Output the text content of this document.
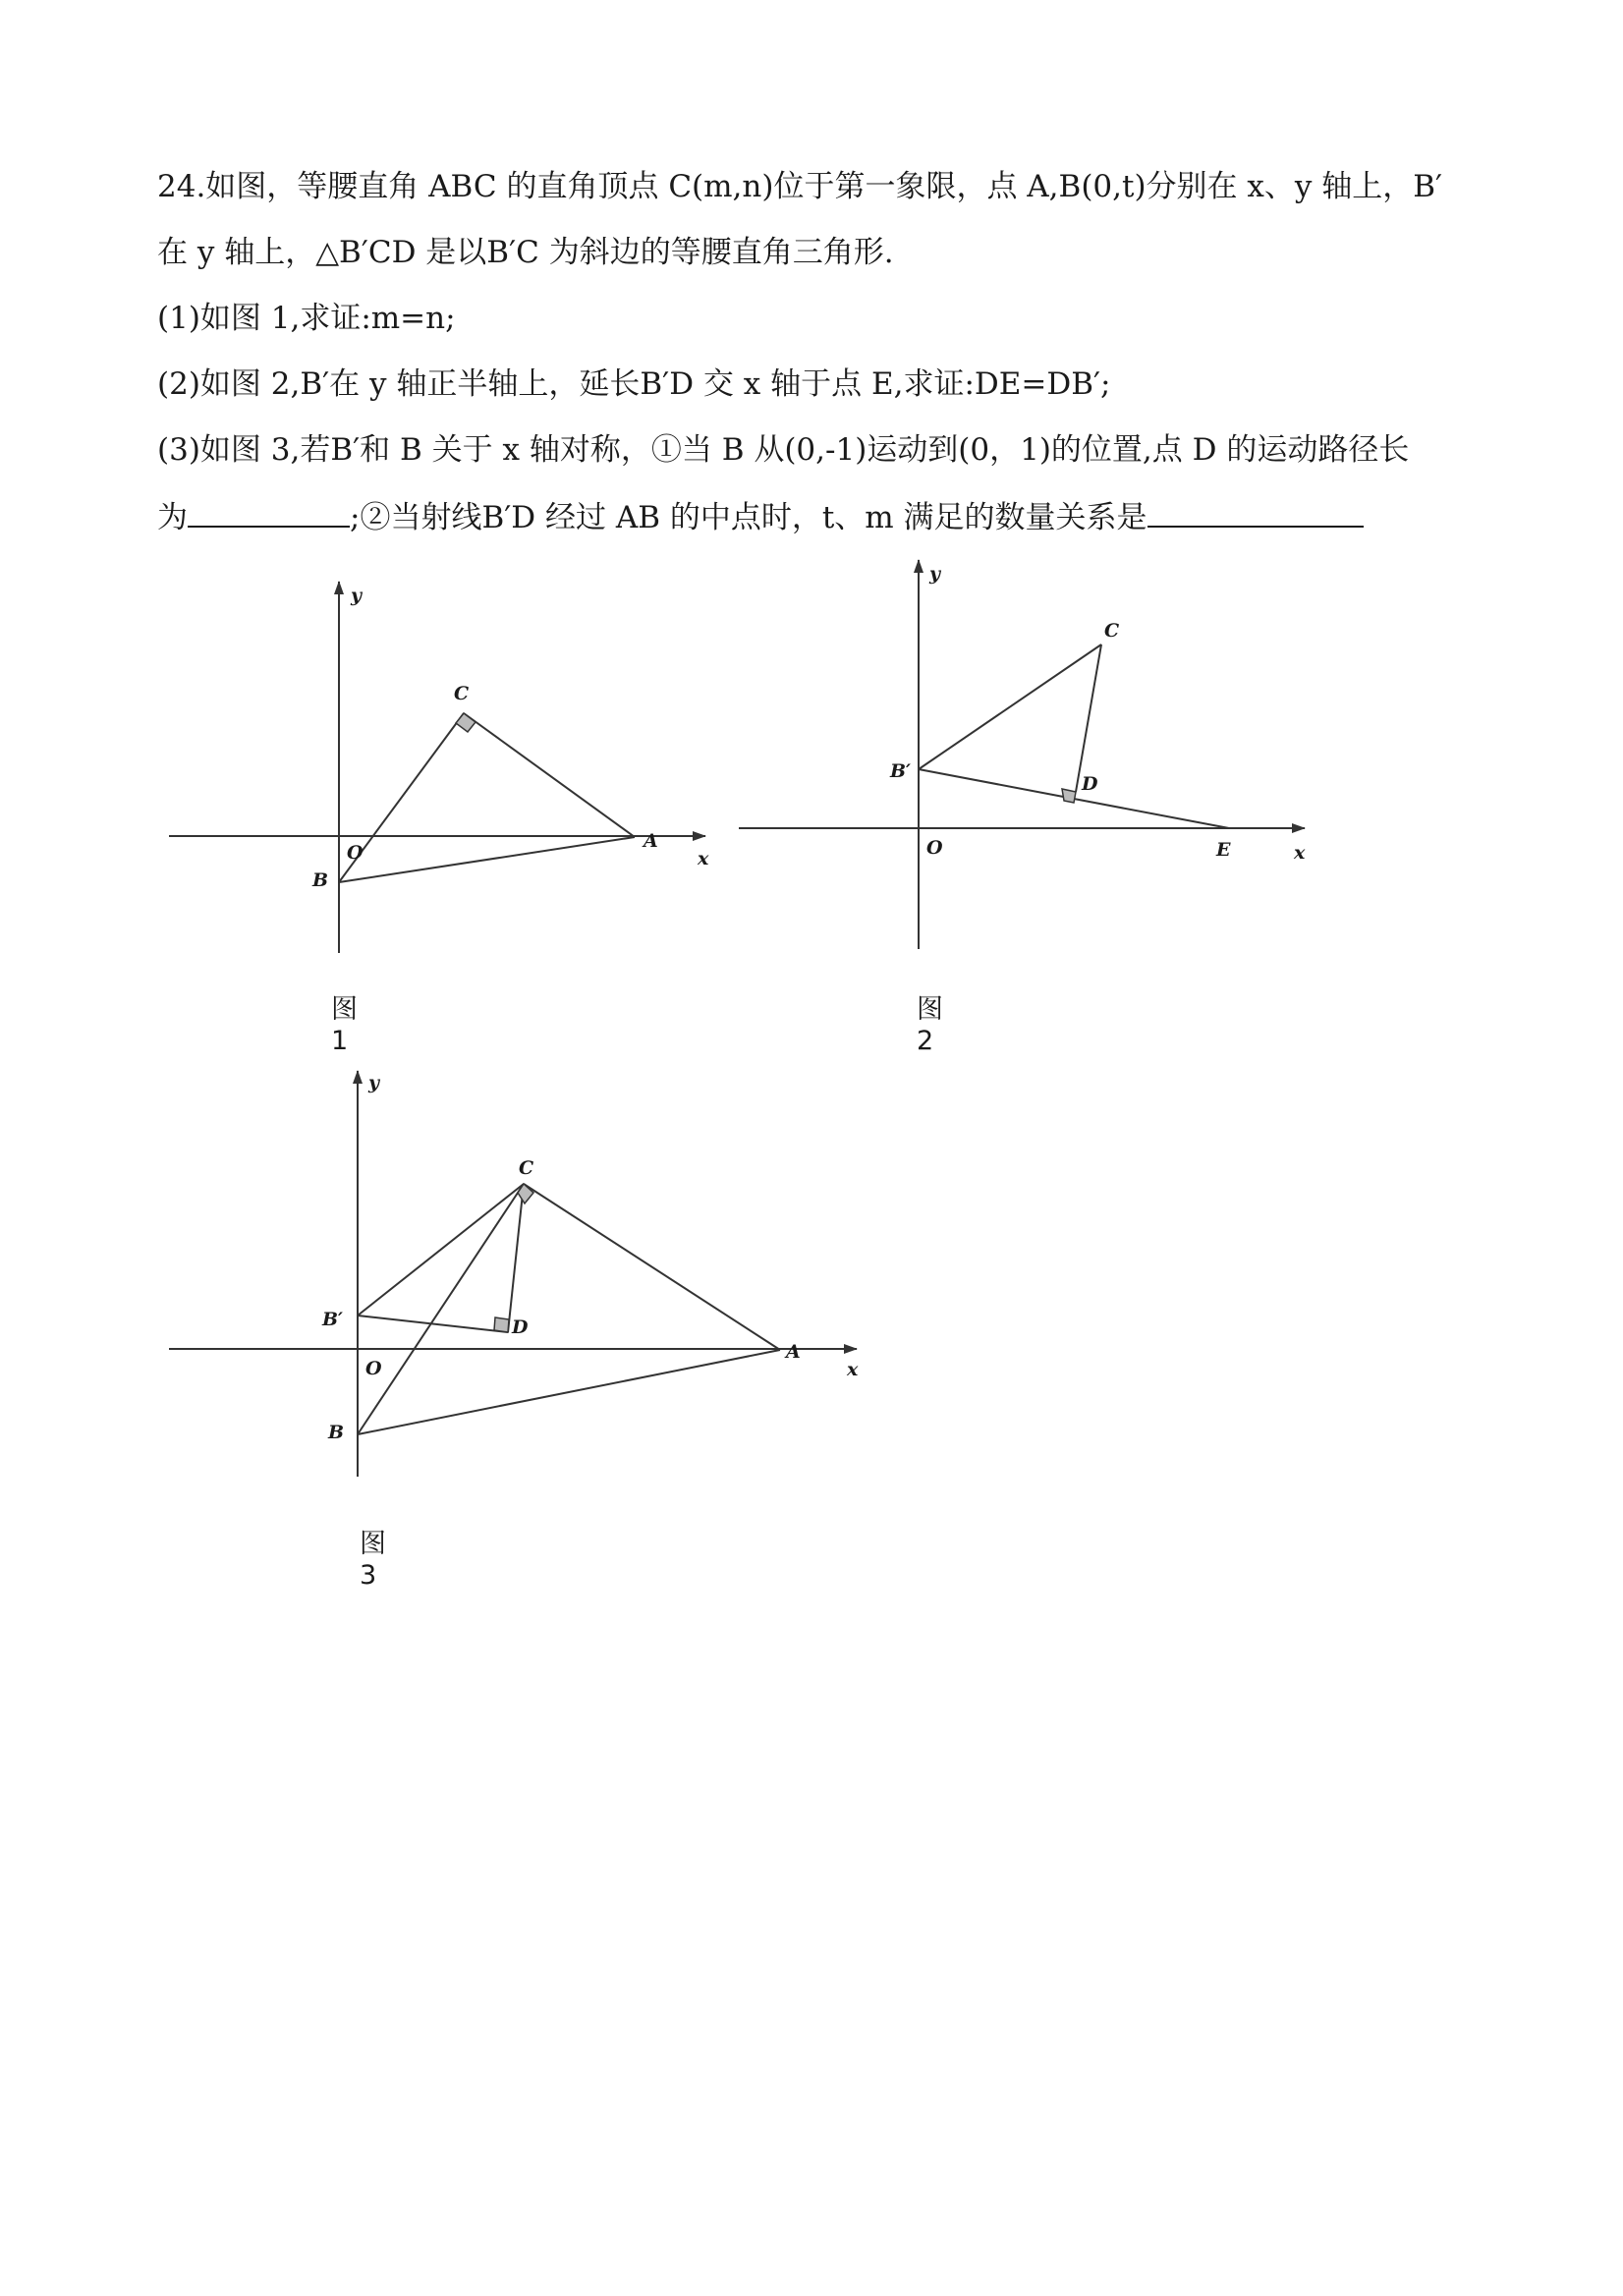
24.如图，等腰直角 ABC 的直角顶点 C(m,n)位于第一象限，点 A,B(0,t)分别在 x、y 轴上，B′
在 y 轴上，△B′CD 是以B′C 为斜边的等腰直角三角形.
(1)如图 1,求证:m=n;
(2)如图 2,B′在 y 轴正半轴上，延长B′D 交 x 轴于点 E,求证:DE=DB′;
(3)如图 3,若B′和 B 关于 x 轴对称，①当 B 从(0,-1)运动到(0，1)的位置,点 D 的运动路径长
为	;②当射线B′D 经过 AB 的中点时，t、m 满足的数量关系是
y
C
O
A
x
B
图 1
y
C
B′
D
O	E	x
图 2
y
C
B′	D
O
A
x
B
图 3
